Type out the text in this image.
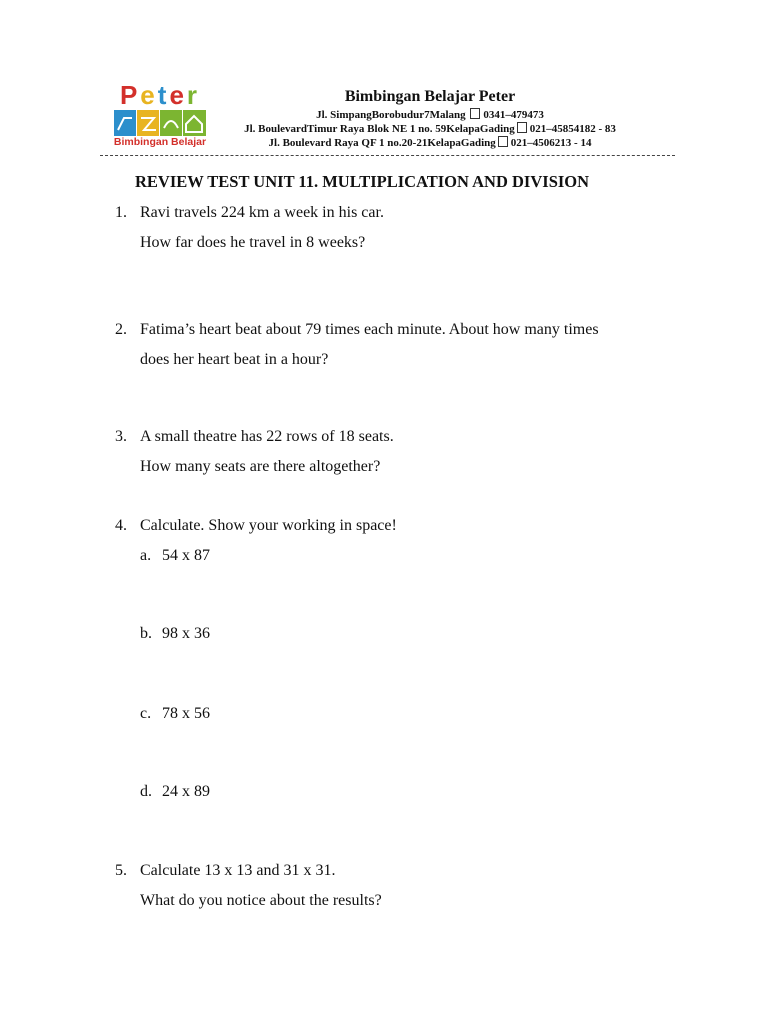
Peter
Bimbingan Belajar
Bimbingan Belajar Peter
Jl. SimpangBorobudur7Malang 0341–479473
Jl. BoulevardTimur Raya Blok NE 1 no. 59KelapaGading 021–45854182 - 83
Jl. Boulevard Raya QF 1 no.20-21KelapaGading 021–4506213 - 14
REVIEW TEST UNIT 11. MULTIPLICATION AND DIVISION
1. Ravi travels 224 km a week in his car.
How far does he travel in 8 weeks?
2. Fatima’s heart beat about 79 times each minute. About how many times
does her heart beat in a hour?
3. A small theatre has 22 rows of 18 seats.
How many seats are there altogether?
4. Calculate. Show your working in space!
a. 54 x 87
b. 98 x 36
c. 78 x 56
d. 24 x 89
5. Calculate 13 x 13 and 31 x 31.
What do you notice about the results?
